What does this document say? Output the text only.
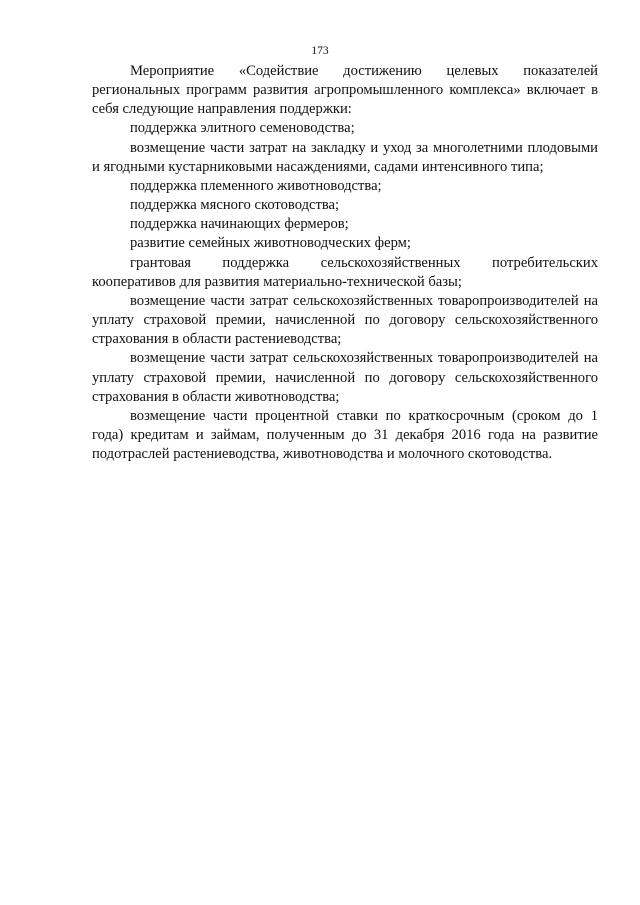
173

Мероприятие «Содействие достижению целевых показателей региональных программ развития агропромышленного комплекса» включает в себя следующие направления поддержки:

поддержка элитного семеноводства;

возмещение части затрат на закладку и уход за многолетними плодовыми и ягодными кустарниковыми насаждениями, садами интенсивного типа;

поддержка племенного животноводства;

поддержка мясного скотоводства;

поддержка начинающих фермеров;

развитие семейных животноводческих ферм;

грантовая поддержка сельскохозяйственных потребительских кооперативов для развития материально-технической базы;

возмещение части затрат сельскохозяйственных товаропроизводителей на уплату страховой премии, начисленной по договору сельскохозяйственного страхования в области растениеводства;

возмещение части затрат сельскохозяйственных товаропроизводителей на уплату страховой премии, начисленной по договору сельскохозяйственного страхования в области животноводства;

возмещение части процентной ставки по краткосрочным (сроком до 1 года) кредитам и займам, полученным до 31 декабря 2016 года на развитие подотраслей растениеводства, животноводства и молочного скотоводства.
